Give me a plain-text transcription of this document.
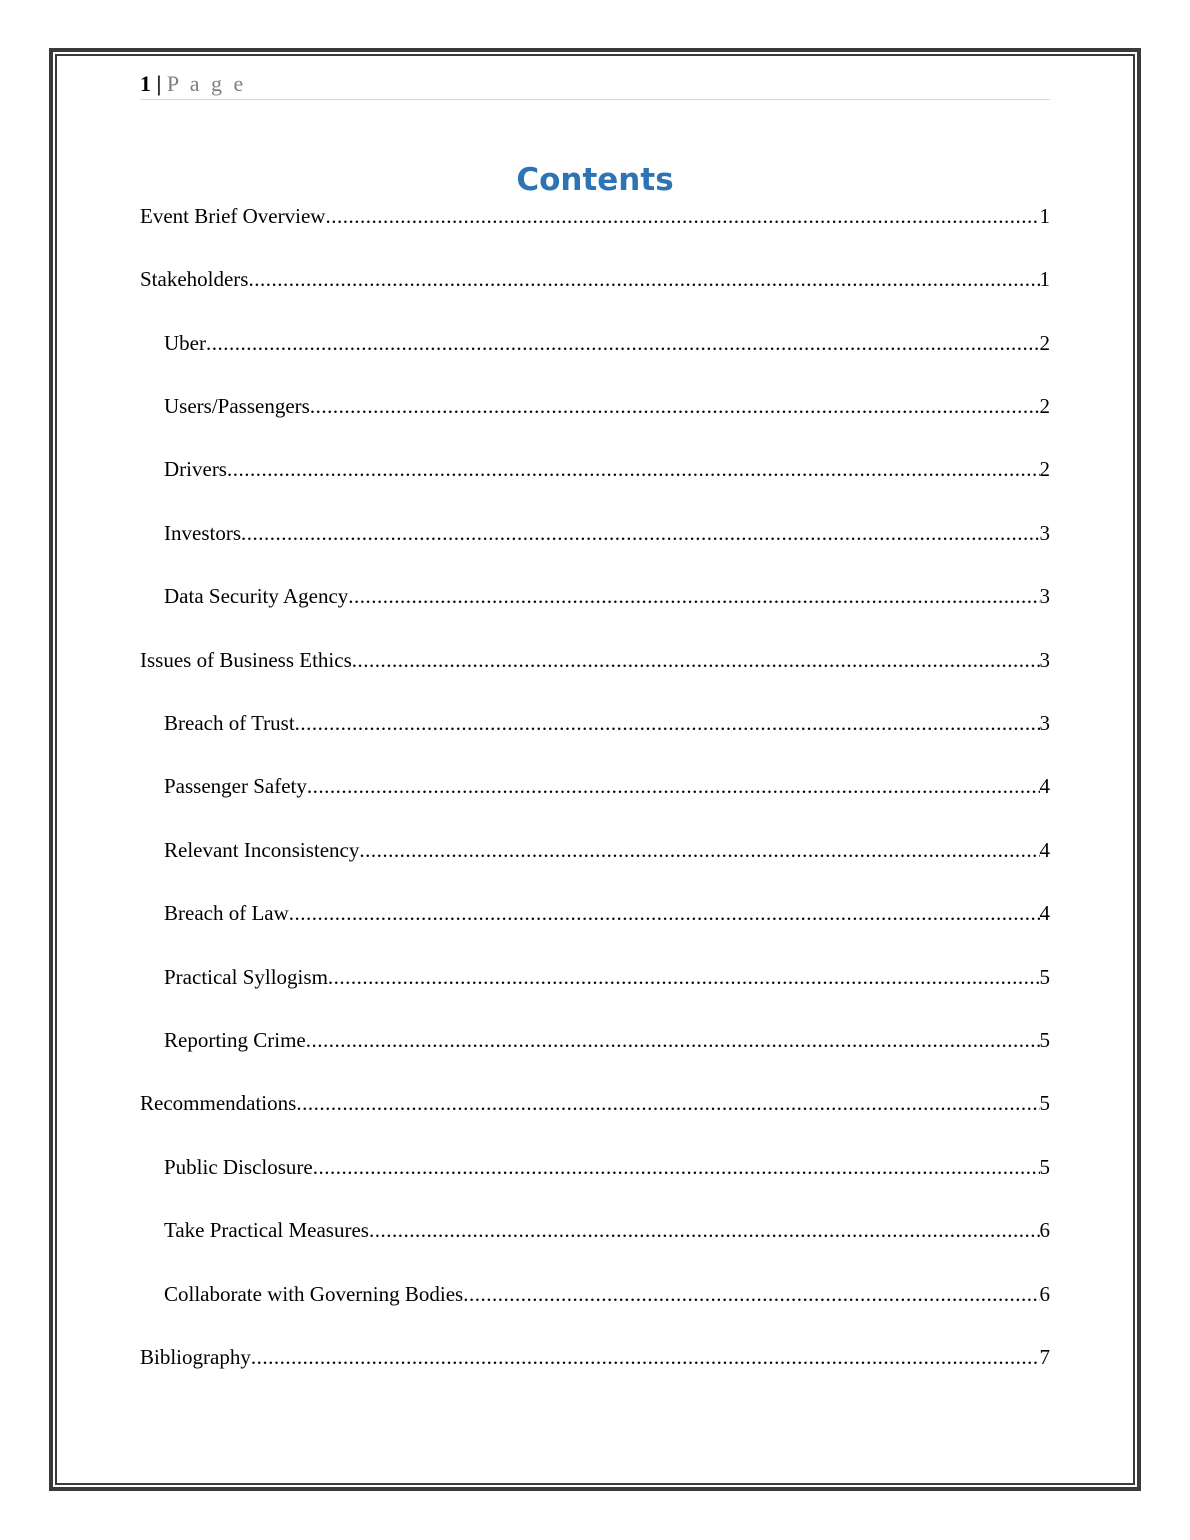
1 | P a g e
Contents
Event Brief Overview .....	1
Stakeholders .....	1
Uber .....	2
Users/Passengers .....	2
Drivers .....	2
Investors .....	3
Data Security Agency .....	3
Issues of Business Ethics .....	3
Breach of Trust .....	3
Passenger Safety .....	4
Relevant Inconsistency .....	4
Breach of Law .....	4
Practical Syllogism .....	5
Reporting Crime .....	5
Recommendations .....	5
Public Disclosure .....	5
Take Practical Measures .....	6
Collaborate with Governing Bodies .....	6
Bibliography .....	7
